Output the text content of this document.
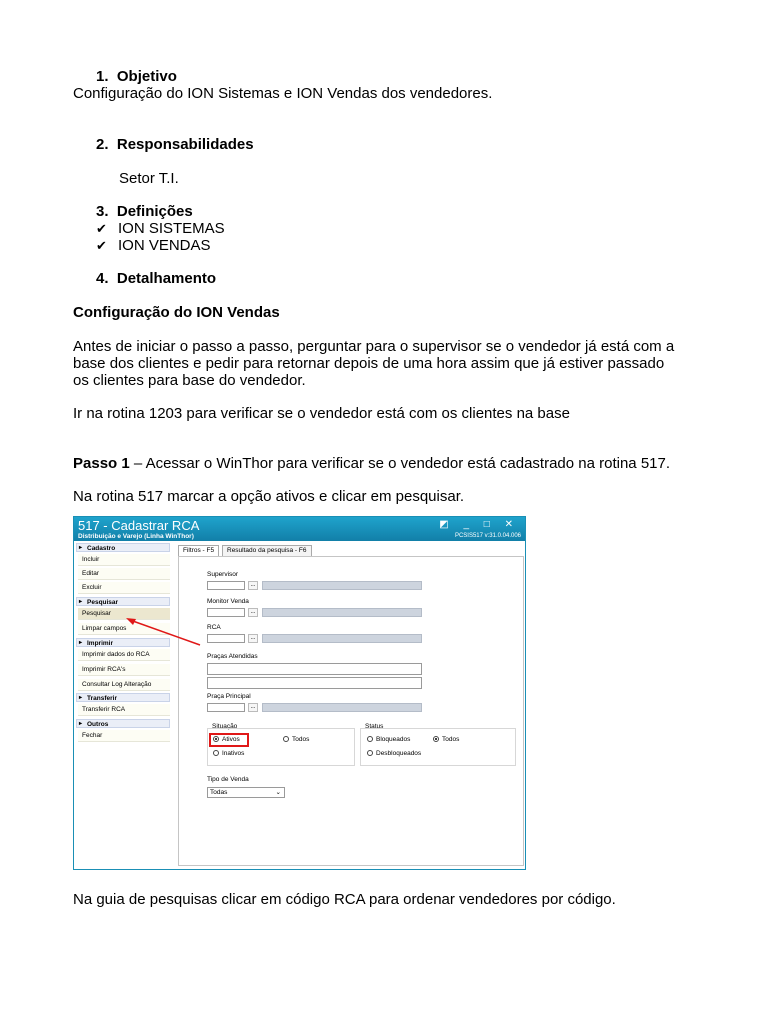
1. Objetivo
Configuração do ION Sistemas e ION Vendas dos vendedores.
2. Responsabilidades
Setor T.I.
3. Definições
✔ ION SISTEMAS
✔ ION VENDAS
4. Detalhamento
Configuração do ION Vendas
Antes de iniciar o passo a passo, perguntar para o supervisor se o vendedor já está com a
base dos clientes e pedir para retornar depois de uma hora assim que já estiver passado
os clientes para base do vendedor.
Ir na rotina 1203 para verificar se o vendedor está com os clientes na base
Passo 1 – Acessar o WinThor para verificar se o vendedor está cadastrado na rotina 517.
Na rotina 517 marcar a opção ativos e clicar em pesquisar.
517 - Cadastrar RCA
Distribuição e Varejo (Linha WinThor)
◩ _ □ ✕
PCSIS517 v:31.0.04.006
▸ Cadastro
Incluir
Editar
Excluir
▸ Pesquisar
Pesquisar
Limpar campos
▸ Imprimir
Imprimir dados do RCA
Imprimir RCA's
Consultar Log Alteração
▸ Transferir
Transferir RCA
▸ Outros
Fechar
Filtros - F5	Resultado da pesquisa - F6
Supervisor
...
Monitor Venda
...
RCA
...
Praças Atendidas
Praça Principal
...
Situação
Ativos	Todos
Inativos
Status
Bloqueados	Todos
Desbloqueados
Tipo de Venda
Todas	⌄
Na guia de pesquisas clicar em código RCA para ordenar vendedores por código.
